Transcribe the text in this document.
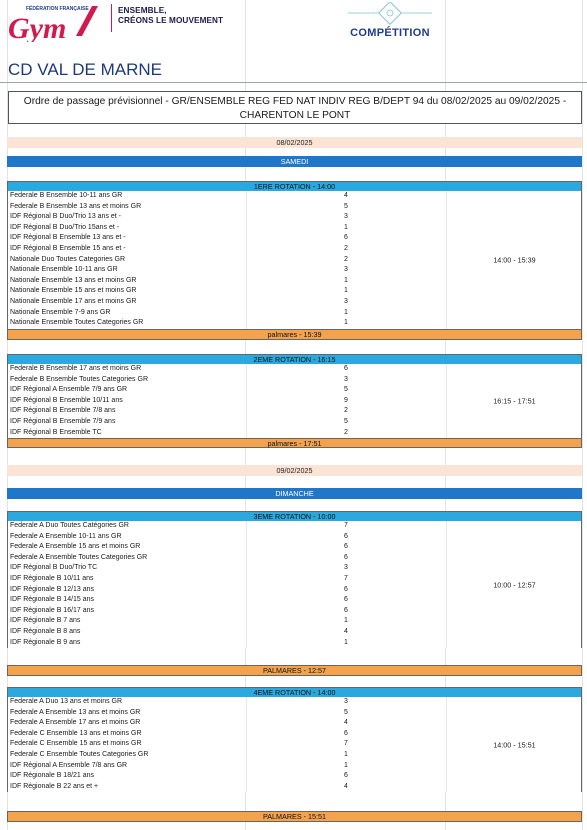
FÉDÉRATION FRANÇAISE
Gym
ENSEMBLE,
CRÉONS LE MOUVEMENT
COMPÉTITION
CD VAL DE MARNE
Ordre de passage prévisionnel - GR/ENSEMBLE REG FED NAT INDIV REG B/DEPT 94 du 08/02/2025 au 09/02/2025 -
CHARENTON LE PONT
08/02/2025
SAMEDI
1ERE ROTATION - 14:00
Federale B Ensemble 10-11 ans GR	4
Federale B Ensemble 13 ans et moins GR	5
IDF Régional B Duo/Trio 13 ans et -	3
IDF Régional B Duo/Trio 15ans et -	1
IDF Régional B Ensemble 13 ans et -	6
IDF Régional B Ensemble 15 ans et -	2
Nationale Duo Toutes Categories GR	2
Nationale Ensemble 10-11 ans GR	3
Nationale Ensemble 13 ans et moins GR	1
Nationale Ensemble 15 ans et moins GR	1
Nationale Ensemble 17 ans et moins GR	3
Nationale Ensemble 7-9 ans GR	1
Nationale Ensemble Toutes Categories GR	1
14:00 - 15:39
palmares - 15:39
2EME ROTATION - 16:15
Federale B Ensemble 17 ans et moins GR	6
Federale B Ensemble Toutes Categories GR	3
IDF Régional A Ensemble 7/9 ans GR	5
IDF Régional B Ensemble 10/11 ans	9
IDF Régional B Ensemble 7/8 ans	2
IDF Régional B Ensemble 7/9 ans	5
IDF Régional B Ensemble TC	2
16:15 - 17:51
palmares - 17:51
09/02/2025
DIMANCHE
3EME ROTATION - 10:00
Federale A Duo Toutes Catégories GR	7
Federale A Ensemble 10-11 ans GR	6
Federale A Ensemble 15 ans et moins GR	6
Federale A Ensemble Toutes Categories GR	6
IDF Régional B Duo/Trio TC	3
IDF Régionale B 10/11 ans	7
IDF Régionale B 12/13 ans	6
IDF Régionale B 14/15 ans	6
IDF Régionale B 16/17 ans	6
IDF Régionale B 7 ans	1
IDF Régionale B 8 ans	4
IDF Régionale B 9 ans	1
10:00 - 12:57
PALMARES - 12:57
4EME ROTATION - 14:00
Federale A Duo 13 ans et moins GR	3
Federale A Ensemble 13 ans et moins GR	5
Federale A Ensemble 17 ans et moins GR	4
Federale C Ensemble 13 ans et moins GR	6
Federale C Ensemble 15 ans et moins GR	7
Federale C Ensemble Toutes Categories GR	1
IDF Régional A Ensemble 7/8 ans GR	1
IDF Régionale B 18/21 ans	6
IDF Régionale B 22 ans et +	4
14:00 - 15:51
PALMARES - 15:51
